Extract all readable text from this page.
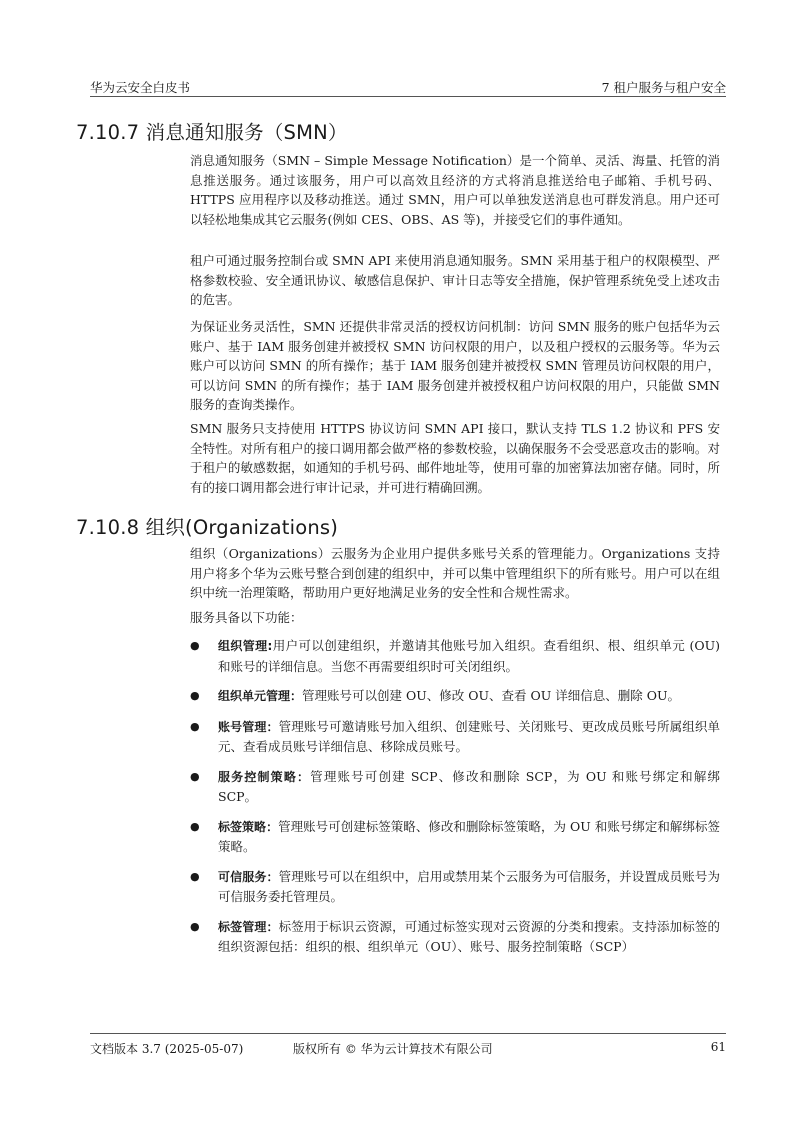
华为云安全白皮书	7 租户服务与租户安全
7.10.7 消息通知服务（SMN）

消息通知服务（SMN – Simple Message Notification）是一个简单、灵活、海量、托管的消息推送服务。通过该服务，用户可以高效且经济的方式将消息推送给电子邮箱、手机号码、HTTPS 应用程序以及移动推送。通过 SMN，用户可以单独发送消息也可群发消息。用户还可以轻松地集成其它云服务(例如 CES、OBS、AS 等)，并接受它们的事件通知。

租户可通过服务控制台或 SMN API 来使用消息通知服务。SMN 采用基于租户的权限模型、严格参数校验、安全通讯协议、敏感信息保护、审计日志等安全措施，保护管理系统免受上述攻击的危害。

为保证业务灵活性，SMN 还提供非常灵活的授权访问机制：访问 SMN 服务的账户包括华为云账户、基于 IAM 服务创建并被授权 SMN 访问权限的用户，以及租户授权的云服务等。华为云账户可以访问 SMN 的所有操作；基于 IAM 服务创建并被授权 SMN 管理员访问权限的用户，可以访问 SMN 的所有操作；基于 IAM 服务创建并被授权租户访问权限的用户，只能做 SMN 服务的查询类操作。

SMN 服务只支持使用 HTTPS 协议访问 SMN API 接口，默认支持 TLS 1.2 协议和 PFS 安全特性。对所有租户的接口调用都会做严格的参数校验，以确保服务不会受恶意攻击的影响。对于租户的敏感数据，如通知的手机号码、邮件地址等，使用可靠的加密算法加密存储。同时，所有的接口调用都会进行审计记录，并可进行精确回溯。

7.10.8 组织(Organizations)

组织（Organizations）云服务为企业用户提供多账号关系的管理能力。Organizations 支持用户将多个华为云账号整合到创建的组织中，并可以集中管理组织下的所有账号。用户可以在组织中统一治理策略，帮助用户更好地满足业务的安全性和合规性需求。

服务具备以下功能：

● 组织管理:用户可以创建组织，并邀请其他账号加入组织。查看组织、根、组织单元 (OU) 和账号的详细信息。当您不再需要组织时可关闭组织。
● 组织单元管理：管理账号可以创建 OU、修改 OU、查看 OU 详细信息、删除 OU。
● 账号管理：管理账号可邀请账号加入组织、创建账号、关闭账号、更改成员账号所属组织单元、查看成员账号详细信息、移除成员账号。
● 服务控制策略：管理账号可创建 SCP、修改和删除 SCP，为 OU 和账号绑定和解绑 SCP。
● 标签策略：管理账号可创建标签策略、修改和删除标签策略，为 OU 和账号绑定和解绑标签策略。
● 可信服务：管理账号可以在组织中，启用或禁用某个云服务为可信服务，并设置成员账号为可信服务委托管理员。
● 标签管理：标签用于标识云资源，可通过标签实现对云资源的分类和搜索。支持添加标签的组织资源包括：组织的根、组织单元（OU）、账号、服务控制策略（SCP）
文档版本 3.7 (2025-05-07)	版权所有 © 华为云计算技术有限公司	61
